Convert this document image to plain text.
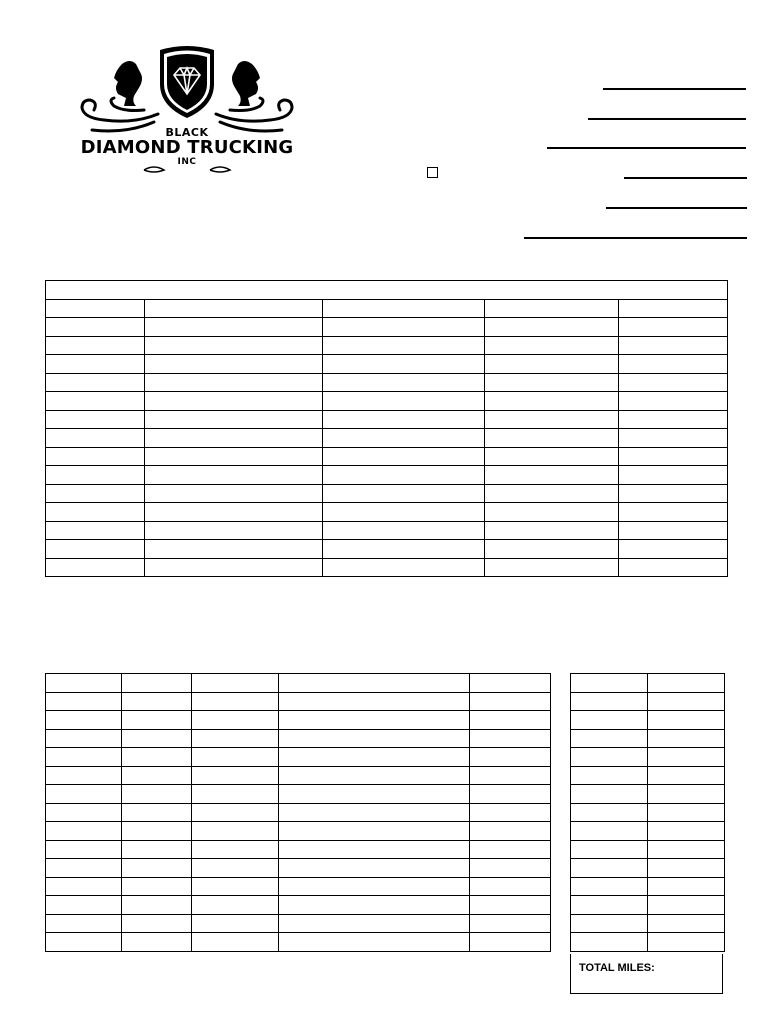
BLACK
DIAMOND TRUCKING
INC

TOTAL MILES:
